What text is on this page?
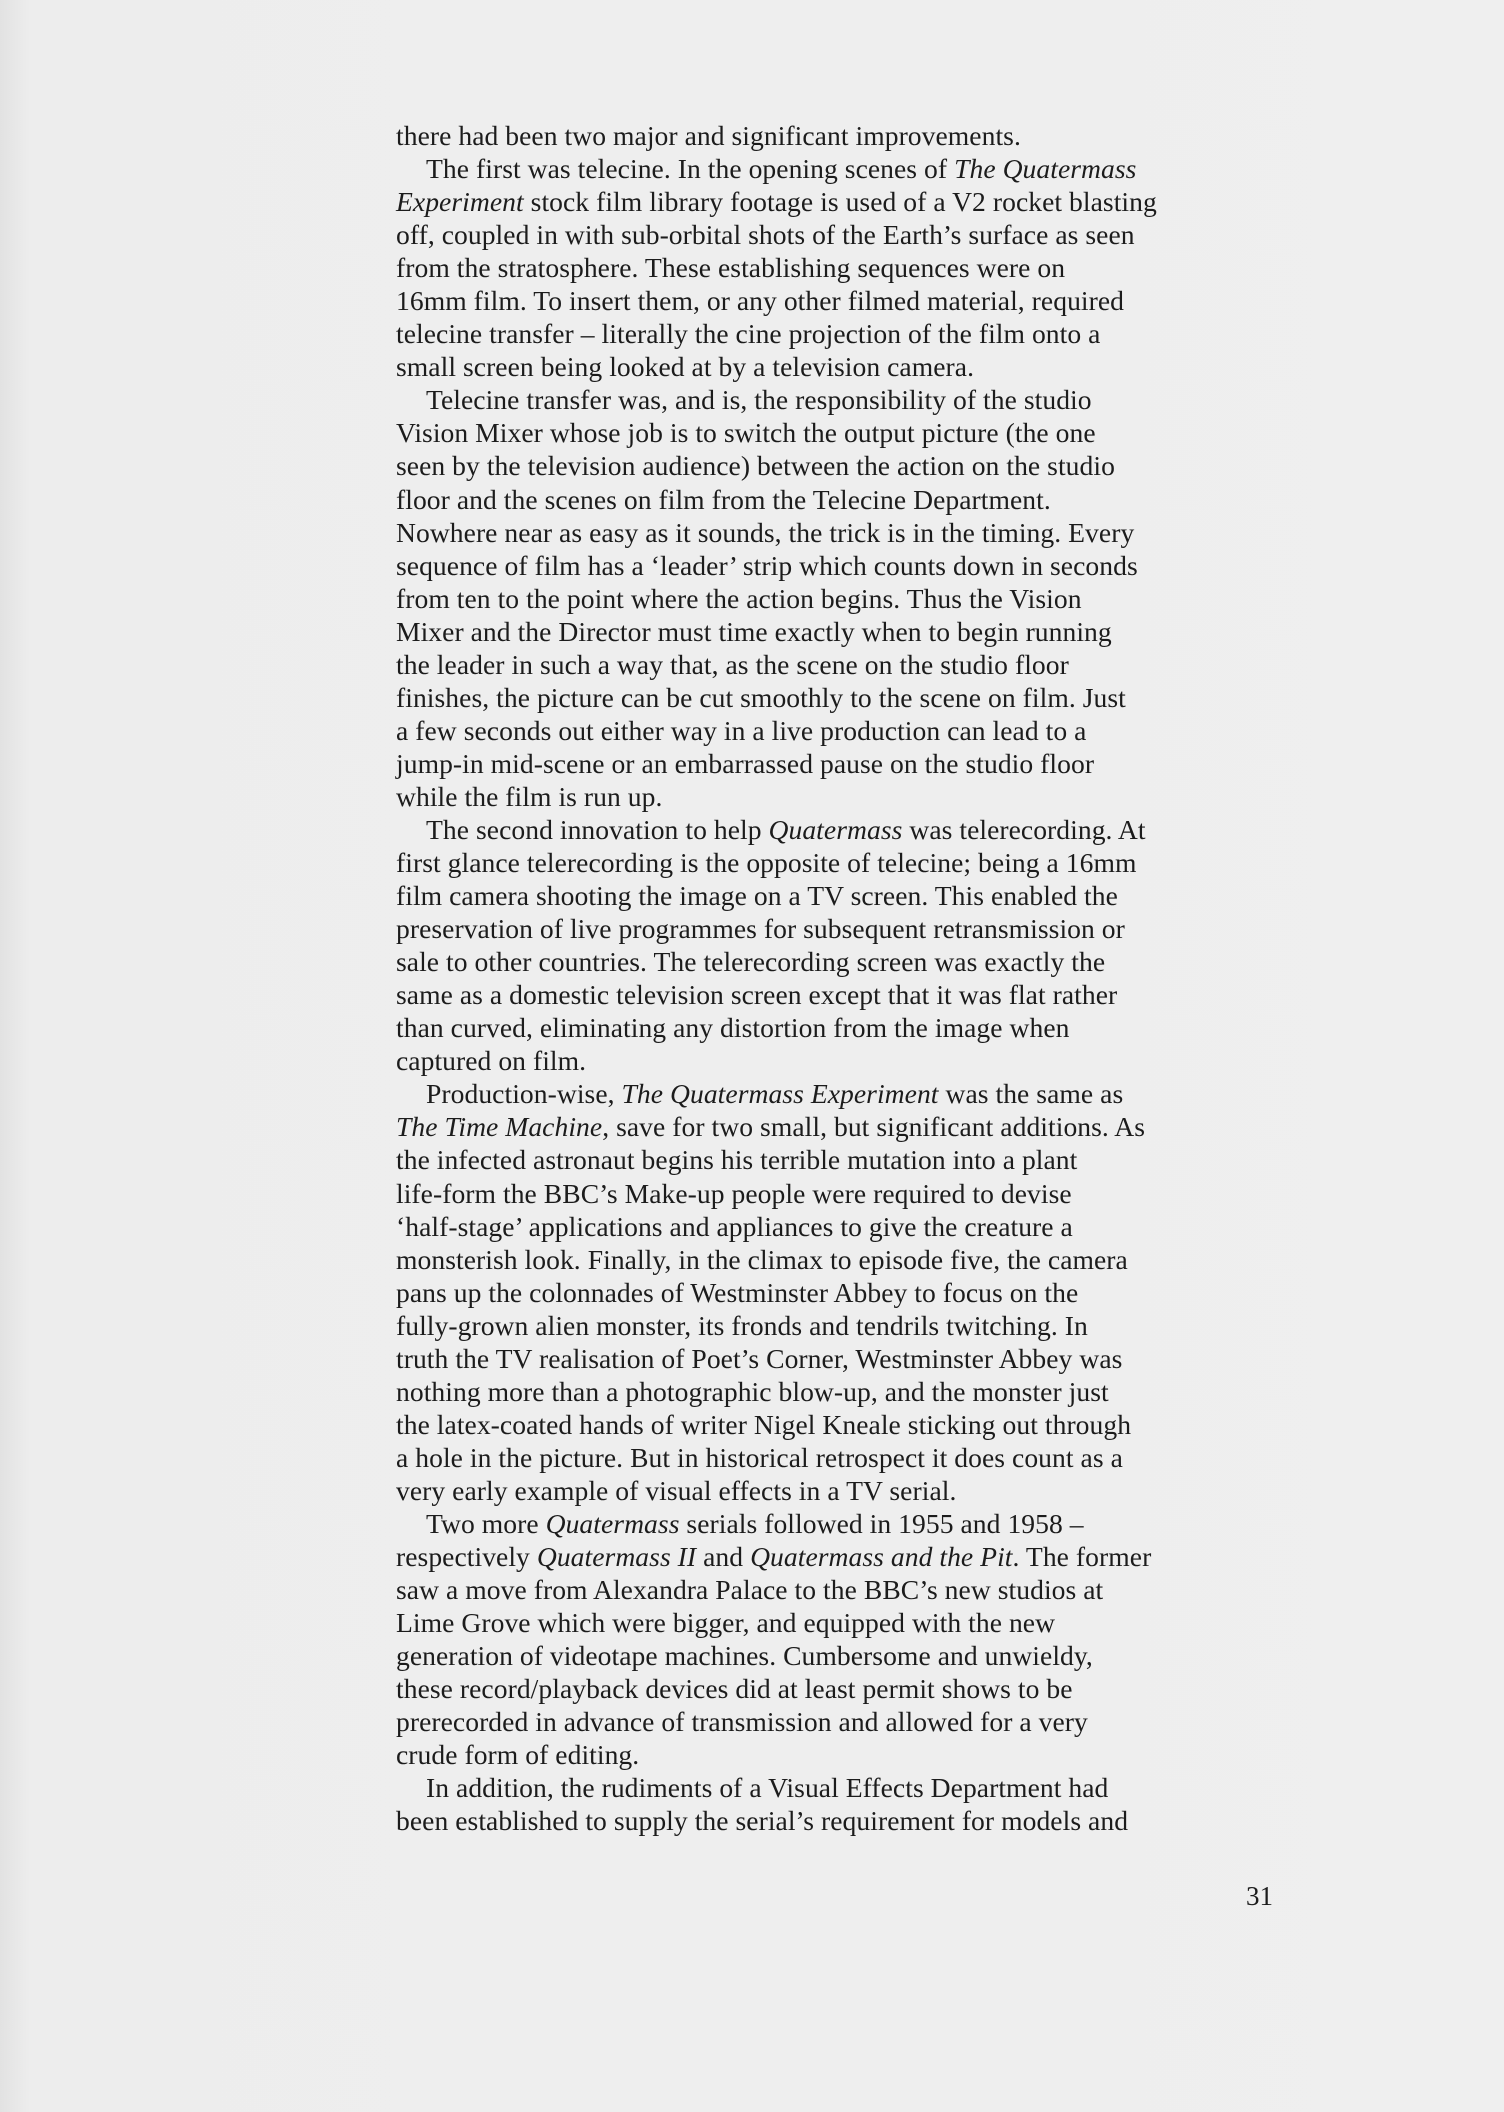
there had been two major and significant improvements.
The first was telecine. In the opening scenes of The Quatermass
Experiment stock film library footage is used of a V2 rocket blasting
off, coupled in with sub-orbital shots of the Earth’s surface as seen
from the stratosphere. These establishing sequences were on
16mm film. To insert them, or any other filmed material, required
telecine transfer – literally the cine projection of the film onto a
small screen being looked at by a television camera.
Telecine transfer was, and is, the responsibility of the studio
Vision Mixer whose job is to switch the output picture (the one
seen by the television audience) between the action on the studio
floor and the scenes on film from the Telecine Department.
Nowhere near as easy as it sounds, the trick is in the timing. Every
sequence of film has a ‘leader’ strip which counts down in seconds
from ten to the point where the action begins. Thus the Vision
Mixer and the Director must time exactly when to begin running
the leader in such a way that, as the scene on the studio floor
finishes, the picture can be cut smoothly to the scene on film. Just
a few seconds out either way in a live production can lead to a
jump-in mid-scene or an embarrassed pause on the studio floor
while the film is run up.
The second innovation to help Quatermass was telerecording. At
first glance telerecording is the opposite of telecine; being a 16mm
film camera shooting the image on a TV screen. This enabled the
preservation of live programmes for subsequent retransmission or
sale to other countries. The telerecording screen was exactly the
same as a domestic television screen except that it was flat rather
than curved, eliminating any distortion from the image when
captured on film.
Production-wise, The Quatermass Experiment was the same as
The Time Machine, save for two small, but significant additions. As
the infected astronaut begins his terrible mutation into a plant
life-form the BBC’s Make-up people were required to devise
‘half-stage’ applications and appliances to give the creature a
monsterish look. Finally, in the climax to episode five, the camera
pans up the colonnades of Westminster Abbey to focus on the
fully-grown alien monster, its fronds and tendrils twitching. In
truth the TV realisation of Poet’s Corner, Westminster Abbey was
nothing more than a photographic blow-up, and the monster just
the latex-coated hands of writer Nigel Kneale sticking out through
a hole in the picture. But in historical retrospect it does count as a
very early example of visual effects in a TV serial.
Two more Quatermass serials followed in 1955 and 1958 –
respectively Quatermass II and Quatermass and the Pit. The former
saw a move from Alexandra Palace to the BBC’s new studios at
Lime Grove which were bigger, and equipped with the new
generation of videotape machines. Cumbersome and unwieldy,
these record/playback devices did at least permit shows to be
prerecorded in advance of transmission and allowed for a very
crude form of editing.
In addition, the rudiments of a Visual Effects Department had
been established to supply the serial’s requirement for models and
31
